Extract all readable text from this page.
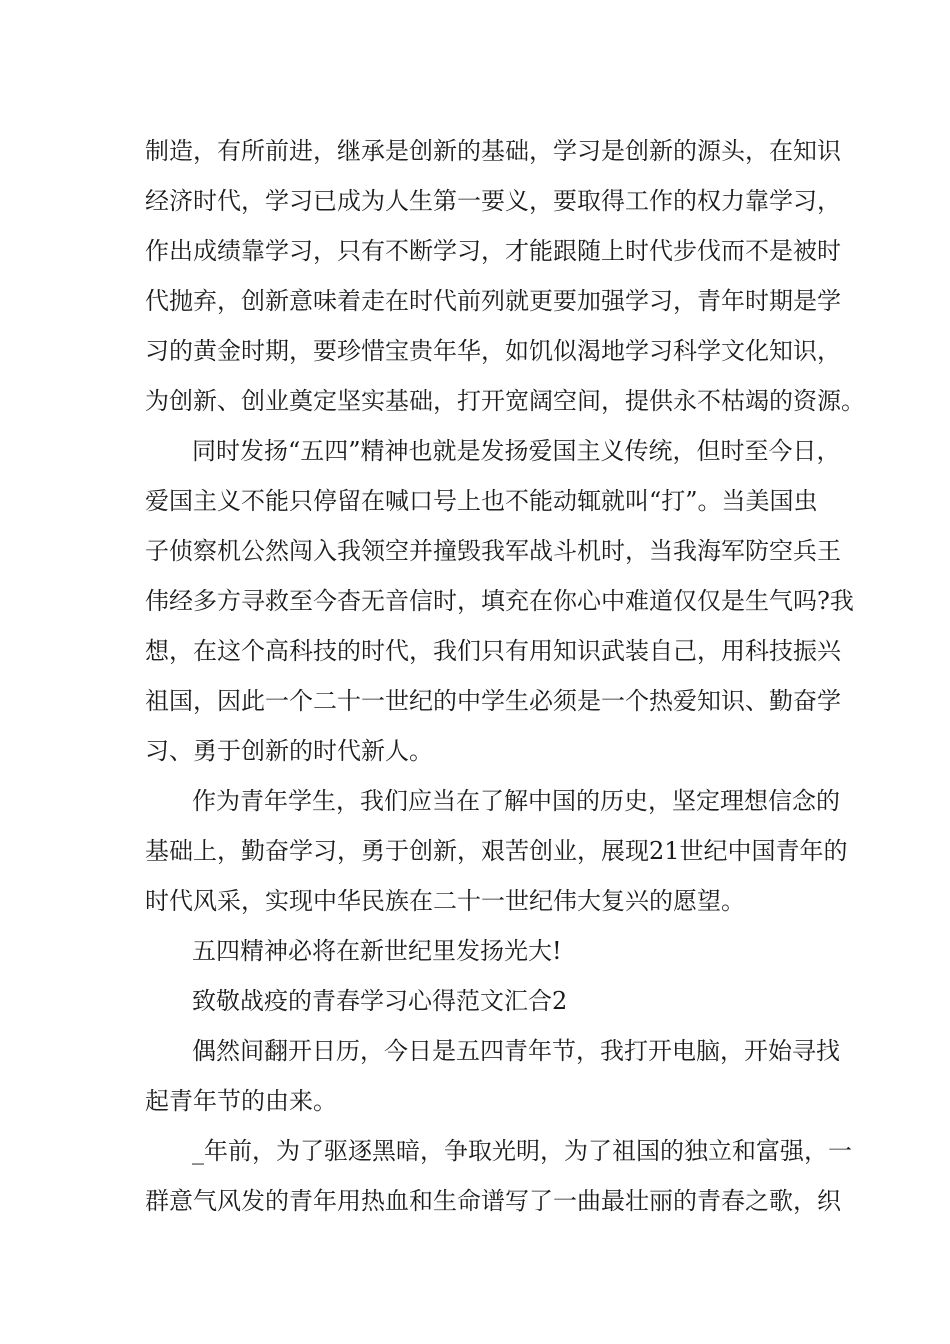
制造，有所前进，继承是创新的基础，学习是创新的源头，在知识

经济时代，学习已成为人生第一要义，要取得工作的权力靠学习，

作出成绩靠学习，只有不断学习，才能跟随上时代步伐而不是被时

代抛弃，创新意味着走在时代前列就更要加强学习，青年时期是学

习的黄金时期，要珍惜宝贵年华，如饥似渴地学习科学文化知识，

为创新、创业奠定坚实基础，打开宽阔空间，提供永不枯竭的资源。

同时发扬“五四”精神也就是发扬爱国主义传统，但时至今日，

爱国主义不能只停留在喊口号上也不能动辄就叫“打”。当美国虫

子侦察机公然闯入我领空并撞毁我军战斗机时，当我海军防空兵王

伟经多方寻救至今杳无音信时，填充在你心中难道仅仅是生气吗?我

想，在这个高科技的时代，我们只有用知识武装自己，用科技振兴

祖国，因此一个二十一世纪的中学生必须是一个热爱知识、勤奋学

习、勇于创新的时代新人。

作为青年学生，我们应当在了解中国的历史，坚定理想信念的

基础上，勤奋学习，勇于创新，艰苦创业，展现21世纪中国青年的

时代风采，实现中华民族在二十一世纪伟大复兴的愿望。

五四精神必将在新世纪里发扬光大!

致敬战疫的青春学习心得范文汇合2

偶然间翻开日历，今日是五四青年节，我打开电脑，开始寻找

起青年节的由来。

_年前，为了驱逐黑暗，争取光明，为了祖国的独立和富强，一

群意气风发的青年用热血和生命谱写了一曲最壮丽的青春之歌，织
